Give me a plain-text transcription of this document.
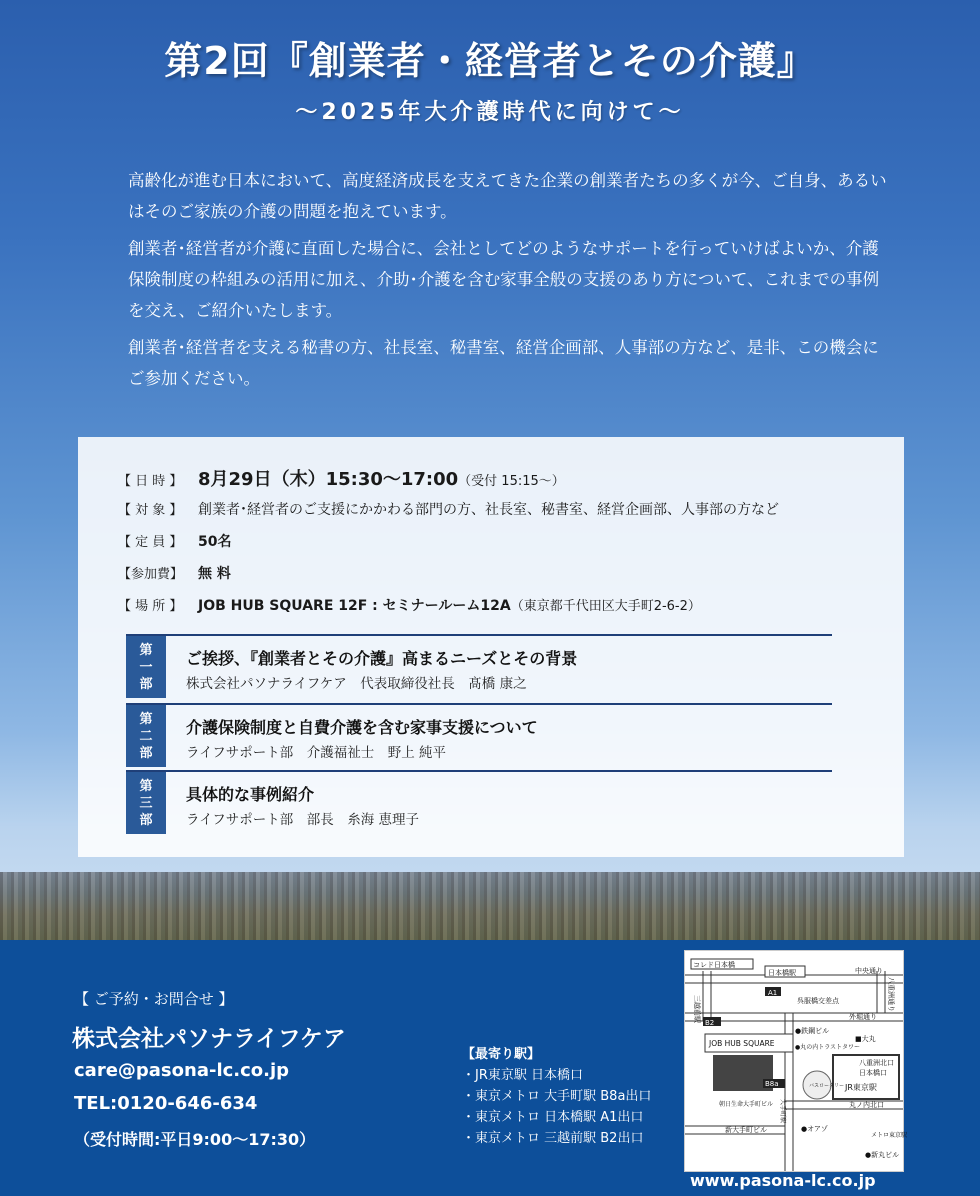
第2回『創業者・経営者とその介護』
～2025年大介護時代に向けて～

高齢化が進む日本において、高度経済成長を支えてきた企業の創業者たちの多くが今、ご自身、あるいはそのご家族の介護の問題を抱えています。

創業者･経営者が介護に直面した場合に、会社としてどのようなサポートを行っていけばよいか、介護保険制度の枠組みの活用に加え、介助･介護を含む家事全般の支援のあり方について、これまでの事例を交え、ご紹介いたします。

創業者･経営者を支える秘書の方、社長室、秘書室、経営企画部、人事部の方など、是非、この機会にご参加ください。

【 日 時 】 8月29日（木）15:30～17:00（受付 15:15～）
【 対 象 】 創業者･経営者のご支援にかかわる部門の方、社長室、秘書室、経営企画部、人事部の方など
【 定 員 】 50名
【参加費】 無 料
【 場 所 】 JOB HUB SQUARE 12F : セミナールーム12A（東京都千代田区大手町2-6-2）
第
一
部
ご挨拶、『創業者とその介護』高まるニーズとその背景
株式会社パソナライフケア　代表取締役社長　髙橋 康之
第
二
部
介護保険制度と自費介護を含む家事支援について
ライフサポート部　介護福祉士　野上 純平
第
三
部
具体的な事例紹介
ライフサポート部　部長　糸海 恵理子
【 ご予約・お問合せ 】
株式会社パソナライフケア
care@pasona-lc.co.jp
TEL:0120-646-634
（受付時間:平日9:00～17:30）
【最寄り駅】
・JR東京駅 日本橋口
・東京メトロ 大手町駅 B8a出口
・東京メトロ 日本橋駅 A1出口
・東京メトロ 三越前駅 B2出口
コレド日本橋
日本橋駅	中央通り
三越前駅	八重洲通り
A1
呉服橋交差点
外堀通り
B2
●鉄鋼ビル
■大丸
●丸の内トラストタワー
JOB HUB SQUARE
八重洲北口
日本橋口
JR東京駅
B8a	バスロータリー
丸ノ内北口
朝日生命大手町ビル 大手町駅
新大手町ビル	●オアゾ
メトロ東京駅
●新丸ビル
www.pasona-lc.co.jp
